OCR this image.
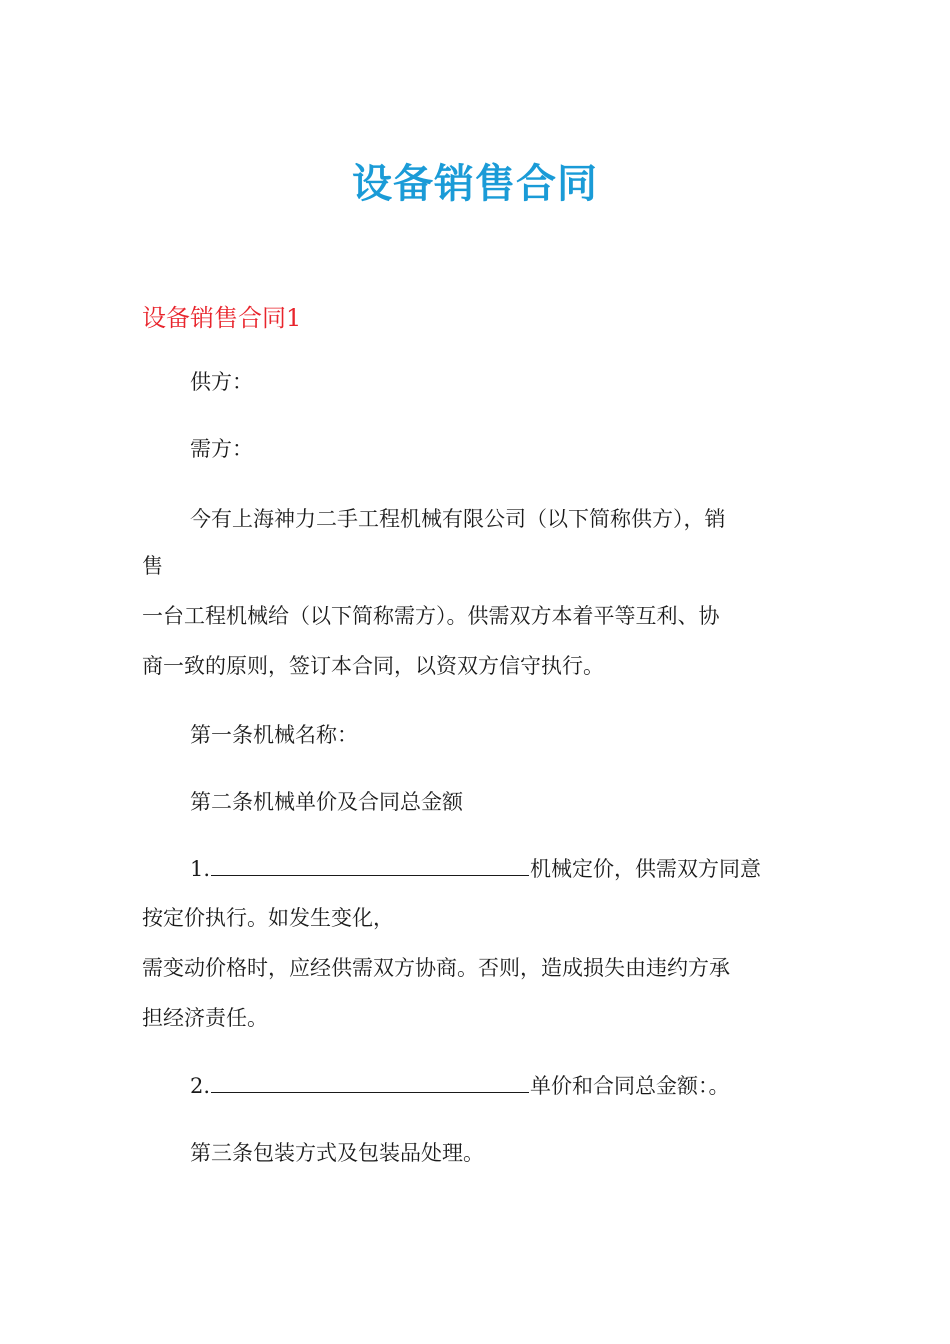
设备销售合同
设备销售合同1
供方：
需方：
今有上海神力二手工程机械有限公司（以下简称供方），销
售
一台工程机械给（以下简称需方）。供需双方本着平等互利、协
商一致的原则，签订本合同，以资双方信守执行。
第一条机械名称：
第二条机械单价及合同总金额
1.	机械定价，供需双方同意
按定价执行。如发生变化，
需变动价格时，应经供需双方协商。否则，造成损失由违约方承
担经济责任。
2.	单价和合同总金额：。
第三条包装方式及包装品处理。
